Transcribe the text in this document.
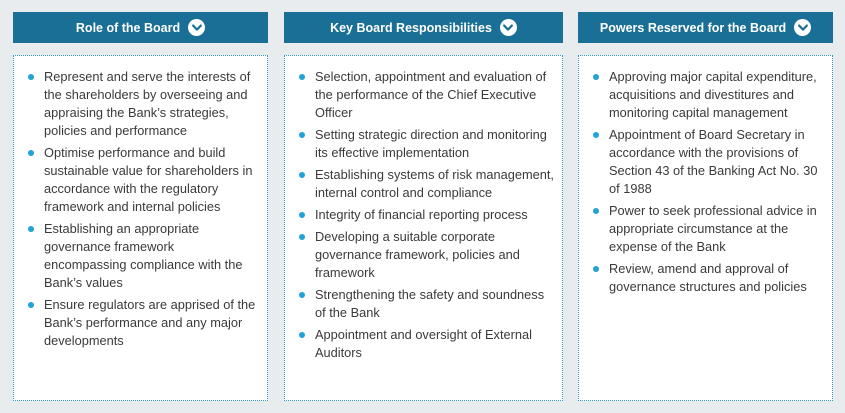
Role of the Board
Represent and serve the interests of the shareholders by overseeing and appraising the Bank’s strategies, policies and performance
Optimise performance and build sustainable value for shareholders in accordance with the regulatory framework and internal policies
Establishing an appropriate governance framework encompassing compliance with the Bank’s values
Ensure regulators are apprised of the Bank’s performance and any major developments
Key Board Responsibilities
Selection, appointment and evaluation of the performance of the Chief Executive Officer
Setting strategic direction and monitoring its effective implementation
Establishing systems of risk management, internal control and compliance
Integrity of financial reporting process
Developing a suitable corporate governance framework, policies and framework
Strengthening the safety and soundness of the Bank
Appointment and oversight of External Auditors
Powers Reserved for the Board
Approving major capital expenditure, acquisitions and divestitures and monitoring capital management
Appointment of Board Secretary in accordance with the provisions of Section 43 of the Banking Act No. 30 of 1988
Power to seek professional advice in appropriate circumstance at the expense of the Bank
Review, amend and approval of governance structures and policies
